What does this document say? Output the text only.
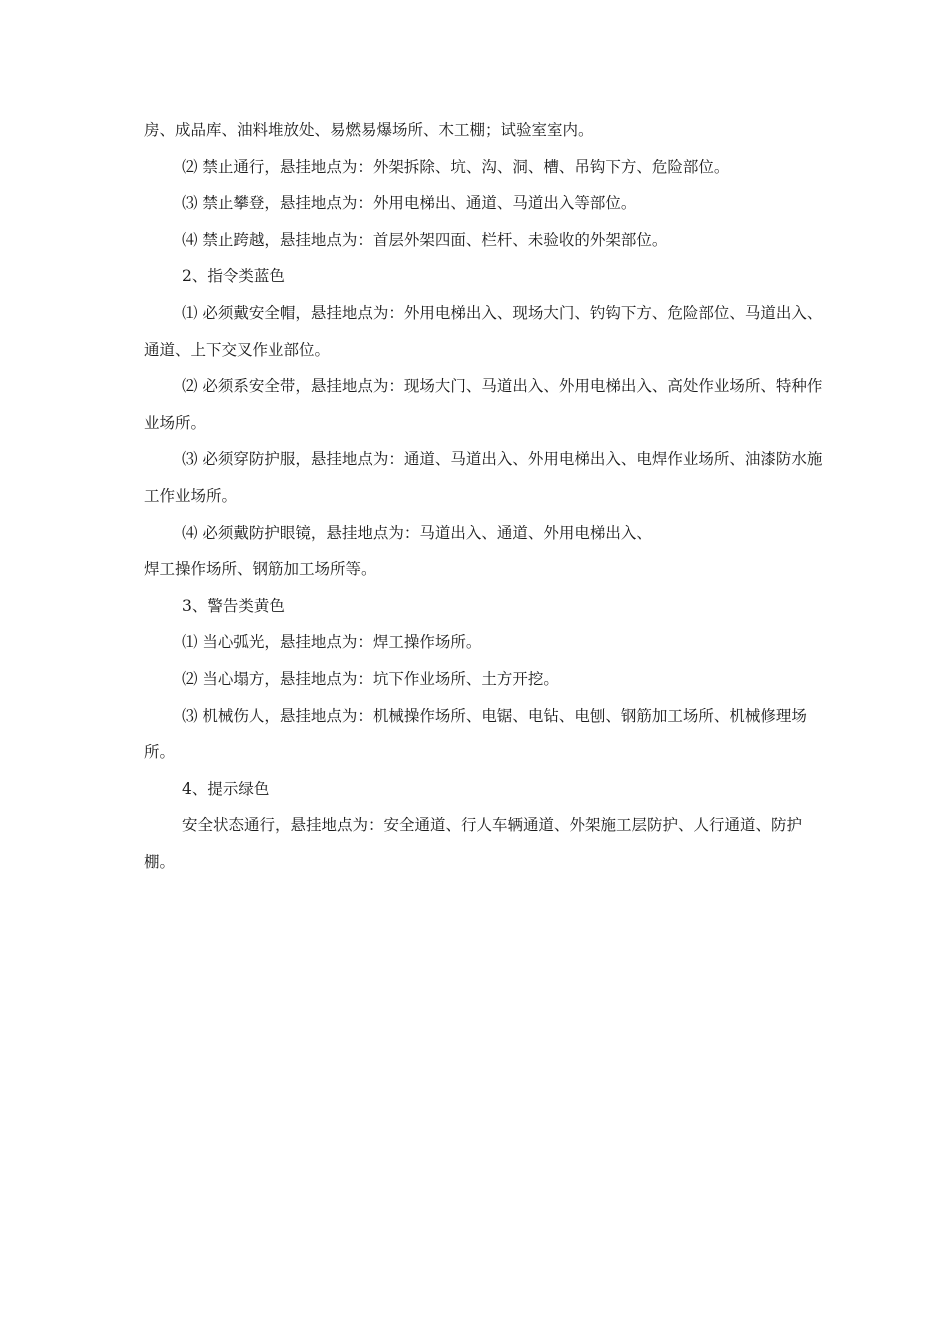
房、成品库、油料堆放处、易燃易爆场所、木工棚；试验室室内。

⑵ 禁止通行，悬挂地点为：外架拆除、坑、沟、洞、槽、吊钩下方、危险部位。

⑶ 禁止攀登，悬挂地点为：外用电梯出、通道、马道出入等部位。

⑷ 禁止跨越，悬挂地点为：首层外架四面、栏杆、未验收的外架部位。

2、指令类蓝色

⑴ 必须戴安全帽，悬挂地点为：外用电梯出入、现场大门、钓钩下方、危险部位、马道出入、通道、上下交叉作业部位。

⑵ 必须系安全带，悬挂地点为：现场大门、马道出入、外用电梯出入、高处作业场所、特种作业场所。

⑶ 必须穿防护服，悬挂地点为：通道、马道出入、外用电梯出入、电焊作业场所、油漆防水施工作业场所。

⑷ 必须戴防护眼镜，悬挂地点为：马道出入、通道、外用电梯出入、

焊工操作场所、钢筋加工场所等。

3、警告类黄色

⑴ 当心弧光，悬挂地点为：焊工操作场所。

⑵ 当心塌方，悬挂地点为：坑下作业场所、土方开挖。

⑶ 机械伤人，悬挂地点为：机械操作场所、电锯、电钻、电刨、钢筋加工场所、机械修理场所。

4、提示绿色

安全状态通行，悬挂地点为：安全通道、行人车辆通道、外架施工层防护、人行通道、防护棚。
